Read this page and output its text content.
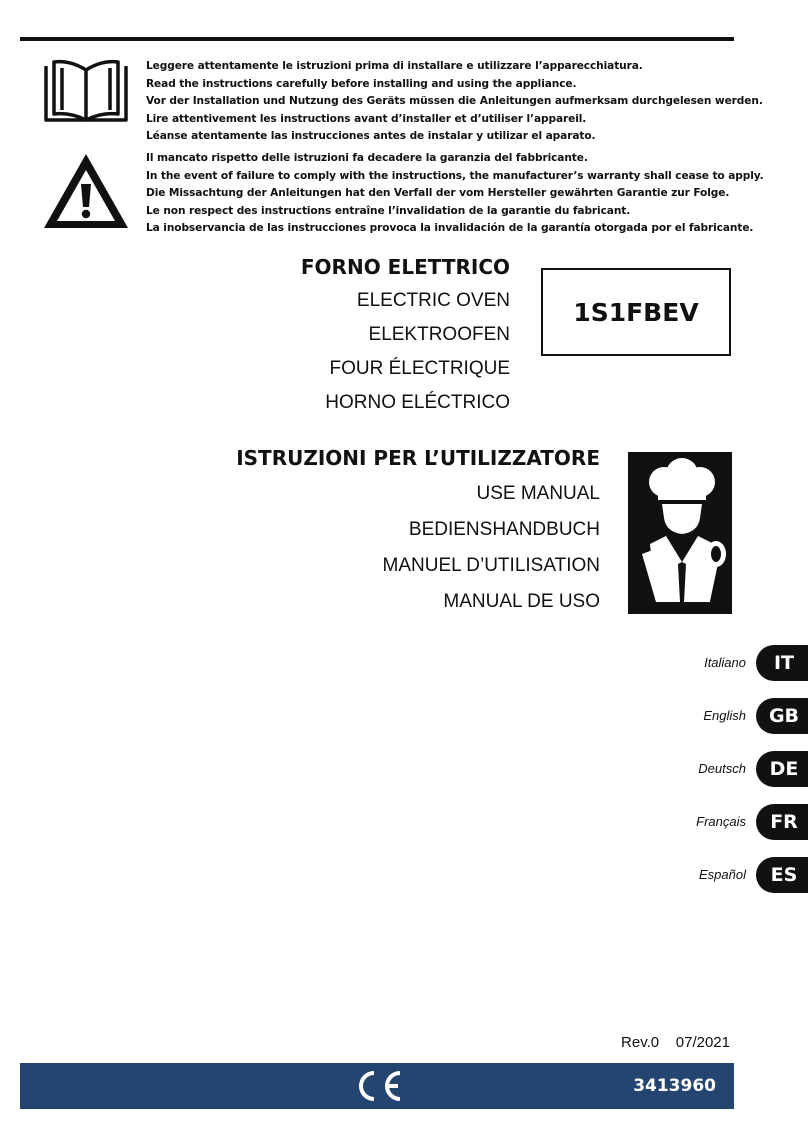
Leggere attentamente le istruzioni prima di installare e utilizzare l’apparecchiatura.
Read the instructions carefully before installing and using the appliance.
Vor der Installation und Nutzung des Geräts müssen die Anleitungen aufmerksam durchgelesen werden.
Lire attentivement les instructions avant d’installer et d’utiliser l’appareil.
Léanse atentamente las instrucciones antes de instalar y utilizar el aparato.
Il mancato rispetto delle istruzioni fa decadere la garanzia del fabbricante.
In the event of failure to comply with the instructions, the manufacturer’s warranty shall cease to apply.
Die Missachtung der Anleitungen hat den Verfall der vom Hersteller gewährten Garantie zur Folge.
Le non respect des instructions entraîne l’invalidation de la garantie du fabricant.
La inobservancia de las instrucciones provoca la invalidación de la garantía otorgada por el fabricante.
FORNO ELETTRICO
ELECTRIC OVEN
ELEKTROOFEN
FOUR ÉLECTRIQUE
HORNO ELÉCTRICO
1S1FBEV
ISTRUZIONI PER L’UTILIZZATORE
USE MANUAL
BEDIENSHANDBUCH
MANUEL D’UTILISATION
MANUAL DE USO
Italiano	IT
English	GB
Deutsch	DE
Français	FR
Español	ES
Rev.0 07/2021
3413960
